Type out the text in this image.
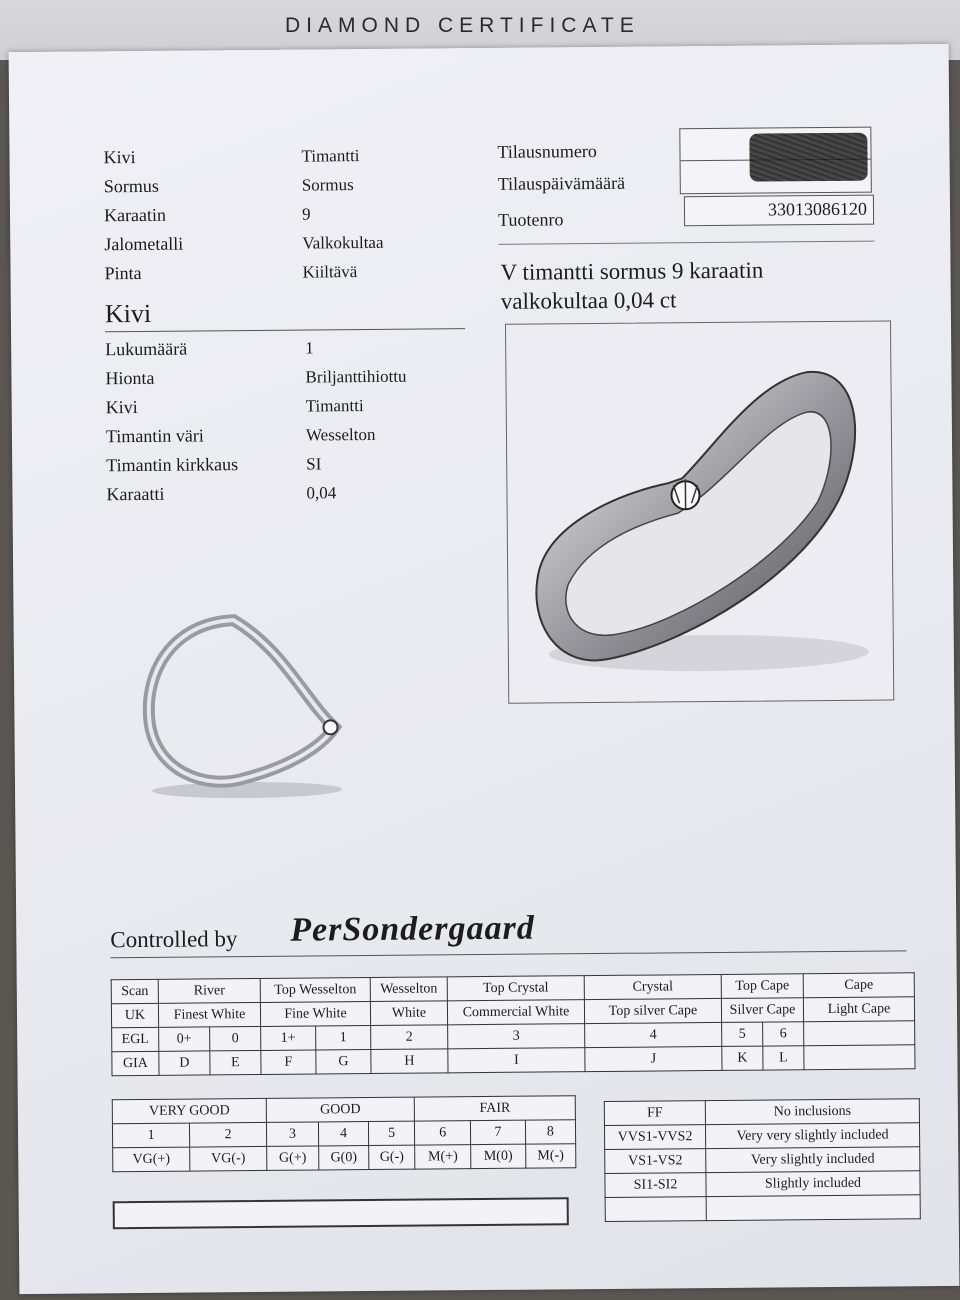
DIAMOND CERTIFICATE
Kivi	Timantti
Sormus	Sormus
Karaatin	9
Jalometalli	Valkokultaa
Pinta	Kiiltävä
Tilausnumero
Tilauspäivämäärä
Tuotenro
33013086120
V timantti sormus 9 karaatin
valkokultaa 0,04 ct
Kivi
Lukumäärä	1
Hionta	Briljanttihiottu
Kivi	Timantti
Timantin väri	Wesselton
Timantin kirkkaus	SI
Karaatti	0,04
Controlled by PerSondergaard
Scan	River		Top Wesselton		Wesselton	Top Crystal	Crystal	Top Cape		Cape
UK	Finest White		Fine White		White	Commercial White	Top silver Cape	Silver Cape		Light Cape
EGL	0+	0	1+	1	2	3	4	5	6	
GIA	D	E	F	G	H	I	J	K	L	
VERY GOOD		GOOD			FAIR		
1	2	3	4	5	6	7	8
VG(+)	VG(-)	G(+)	G(0)	G(-)	M(+)	M(0)	M(-)
FF	No inclusions
VVS1-VVS2	Very very slightly included
VS1-VS2	Very slightly included
SI1-SI2	Slightly included
